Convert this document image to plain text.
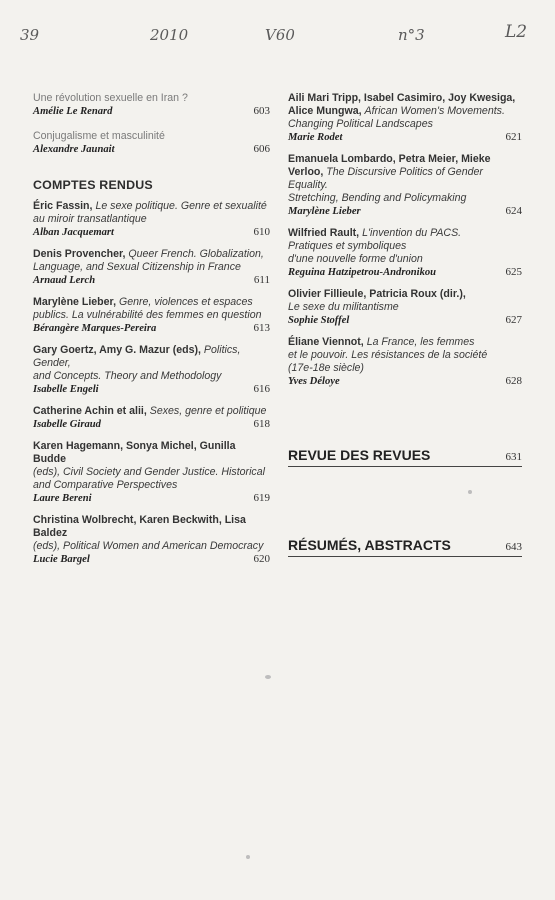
39	2010	V60	n°3	L2
Une révolution sexuelle en Iran ?
Amélie Le Renard	603
Conjugalisme et masculinité
Alexandre Jaunait	606
COMPTES RENDUS
Éric Fassin, Le sexe politique. Genre et sexualité
au miroir transatlantique
Alban Jacquemart	610
Denis Provencher, Queer French. Globalization,
Language, and Sexual Citizenship in France
Arnaud Lerch	611
Marylène Lieber, Genre, violences et espaces
publics. La vulnérabilité des femmes en question
Bérangère Marques-Pereira	613
Gary Goertz, Amy G. Mazur (eds), Politics, Gender,
and Concepts. Theory and Methodology
Isabelle Engeli	616
Catherine Achin et alii, Sexes, genre et politique
Isabelle Giraud	618
Karen Hagemann, Sonya Michel, Gunilla Budde
(eds), Civil Society and Gender Justice. Historical
and Comparative Perspectives
Laure Bereni	619
Christina Wolbrecht, Karen Beckwith, Lisa Baldez
(eds), Political Women and American Democracy
Lucie Bargel	620
Aili Mari Tripp, Isabel Casimiro, Joy Kwesiga,
Alice Mungwa, African Women's Movements.
Changing Political Landscapes
Marie Rodet	621
Emanuela Lombardo, Petra Meier, Mieke
Verloo, The Discursive Politics of Gender Equality.
Stretching, Bending and Policymaking
Marylène Lieber	624
Wilfried Rault, L'invention du PACS.
Pratiques et symboliques
d'une nouvelle forme d'union
Reguina Hatzipetrou-Andronikou	625
Olivier Fillieule, Patricia Roux (dir.),
Le sexe du militantisme
Sophie Stoffel	627
Éliane Viennot, La France, les femmes
et le pouvoir. Les résistances de la société
(17e-18e siècle)
Yves Déloye	628
REVUE DES REVUES	631
RÉSUMÉS, ABSTRACTS	643
